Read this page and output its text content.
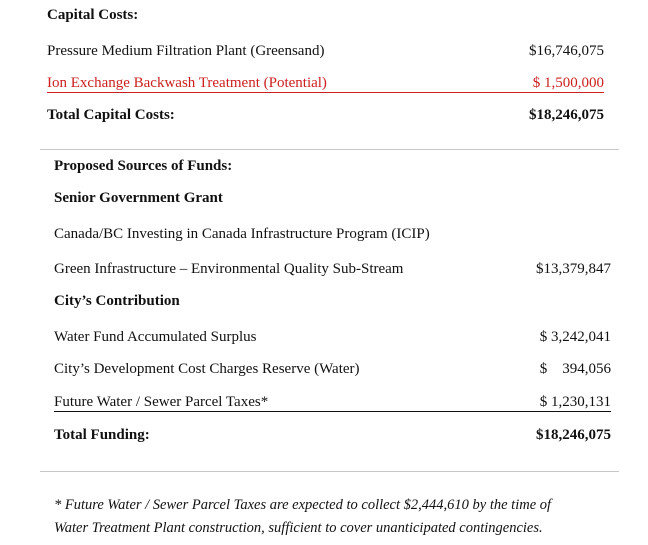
Capital Costs:
Pressure Medium Filtration Plant (Greensand)	$16,746,075
Ion Exchange Backwash Treatment (Potential)	$ 1,500,000
Total Capital Costs:	$18,246,075
Proposed Sources of Funds:
Senior Government Grant
Canada/BC Investing in Canada Infrastructure Program (ICIP)
Green Infrastructure – Environmental Quality Sub-Stream	$13,379,847
City’s Contribution
Water Fund Accumulated Surplus	$ 3,242,041
City’s Development Cost Charges Reserve (Water)	$    394,056
Future Water / Sewer Parcel Taxes*	$ 1,230,131
Total Funding:	$18,246,075
* Future Water / Sewer Parcel Taxes are expected to collect $2,444,610 by the time of
Water Treatment Plant construction, sufficient to cover unanticipated contingencies.
